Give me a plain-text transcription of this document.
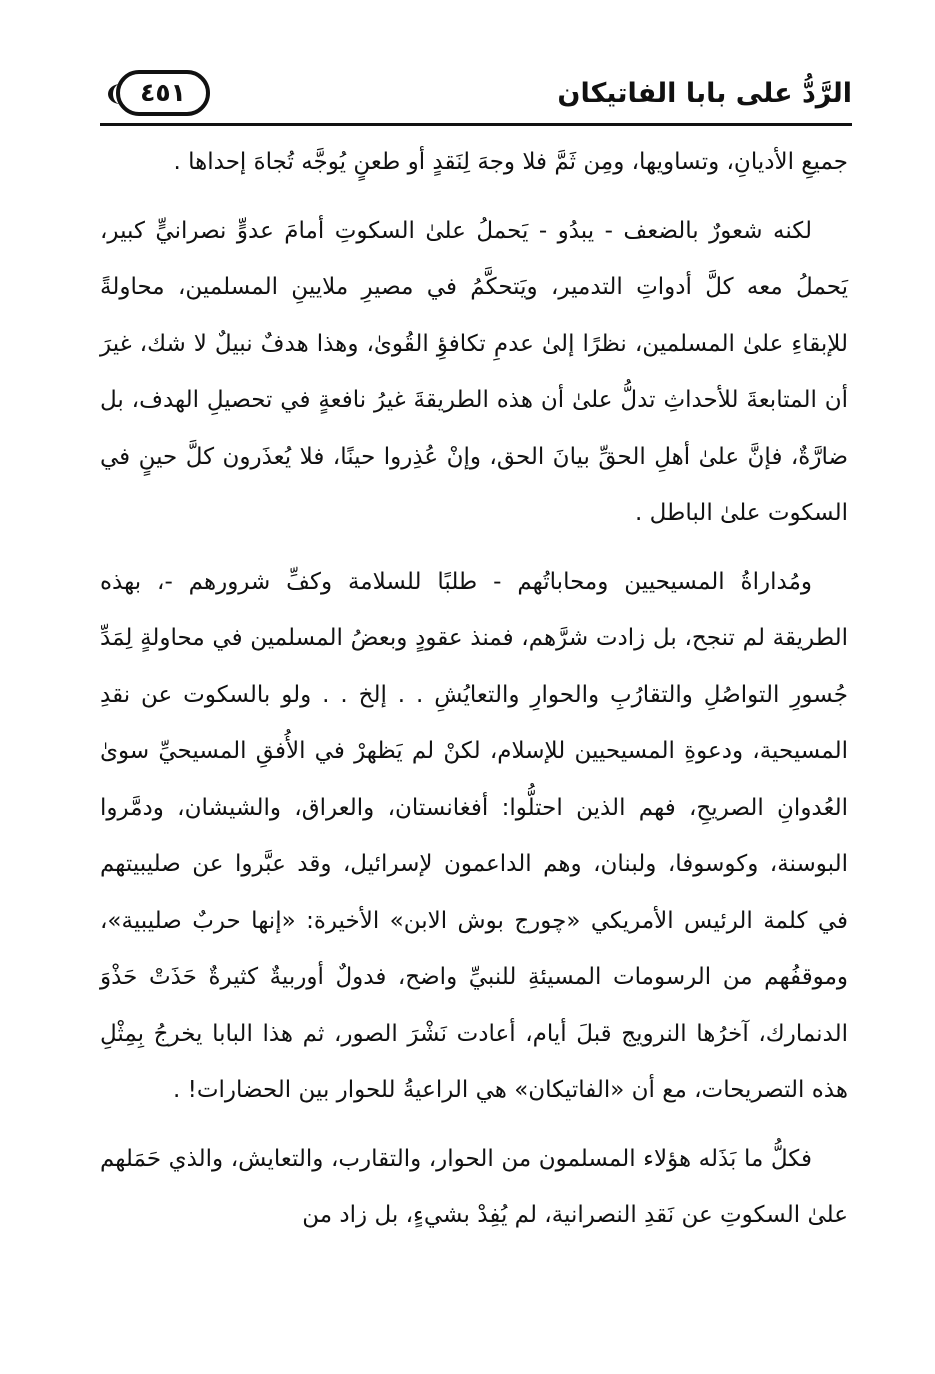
الرَّدُّ على بابا الفاتيكان
٤٥١

جميعِ الأديانِ، وتساويها، ومِن ثَمَّ فلا وجهَ لِنَقدٍ أو طعنٍ يُوجَّه تُجاهَ إحداها .

لكنه شعورٌ بالضعف - يبدُو - يَحملُ علىٰ السكوتِ أمامَ عدوٍّ نصرانيٍّ كبير، يَحملُ معه كلَّ أدواتِ التدمير، ويَتحكَّمُ في مصيرِ ملايينِ المسلمين، محاولةً للإبقاءِ علىٰ المسلمين، نظرًا إلىٰ عدمِ تكافؤِ القُوىٰ، وهذا هدفٌ نبيلٌ لا شك، غيرَ أن المتابعةَ للأحداثِ تدلُّ علىٰ أن هذه الطريقةَ غيرُ نافعةٍ في تحصيلِ الهدف، بل ضارَّةٌ، فإنَّ علىٰ أهلِ الحقِّ بيانَ الحق، وإنْ عُذِروا حينًا، فلا يُعذَرون كلَّ حينٍ في السكوت علىٰ الباطل .

ومُداراةُ المسيحيين ومحاباتُهم - طلبًا للسلامة وكفِّ شرورهم -، بهذه الطريقة لم تنجح، بل زادت شرَّهم، فمنذ عقودٍ وبعضُ المسلمين في محاولةٍ لِمَدِّ جُسورِ التواصُلِ والتقارُبِ والحوارِ والتعايُشِ . . إلخ . . ولو بالسكوت عن نقدِ المسيحية، ودعوةِ المسيحيين للإسلام، لكنْ لم يَظهرْ في الأُفقِ المسيحيِّ سوىٰ العُدوانِ الصريحِ، فهم الذين احتلُّوا: أفغانستان، والعراق، والشيشان، ودمَّروا البوسنة، وكوسوفا، ولبنان، وهم الداعمون لإسرائيل، وقد عبَّروا عن صليبيتهم في كلمة الرئيس الأمريكي «چورج بوش الابن» الأخيرة: «إنها حربٌ صليبية»، وموقفُهم من الرسومات المسيئةِ للنبيِّ واضح، فدولٌ أوربيةٌ كثيرةٌ حَذَتْ حَذْوَ الدنمارك، آخرُها النرويج قبلَ أيام، أعادت نَشْرَ الصور، ثم هذا البابا يخرجُ بِمِثْلِ هذه التصريحات، مع أن «الفاتيكان» هي الراعيةُ للحوار بين الحضارات! .

فكلُّ ما بَذَله هؤلاء المسلمون من الحوار، والتقارب، والتعايش، والذي حَمَلهم علىٰ السكوتِ عن نَقدِ النصرانية، لم يُفِدْ بشيءٍ، بل زاد من
